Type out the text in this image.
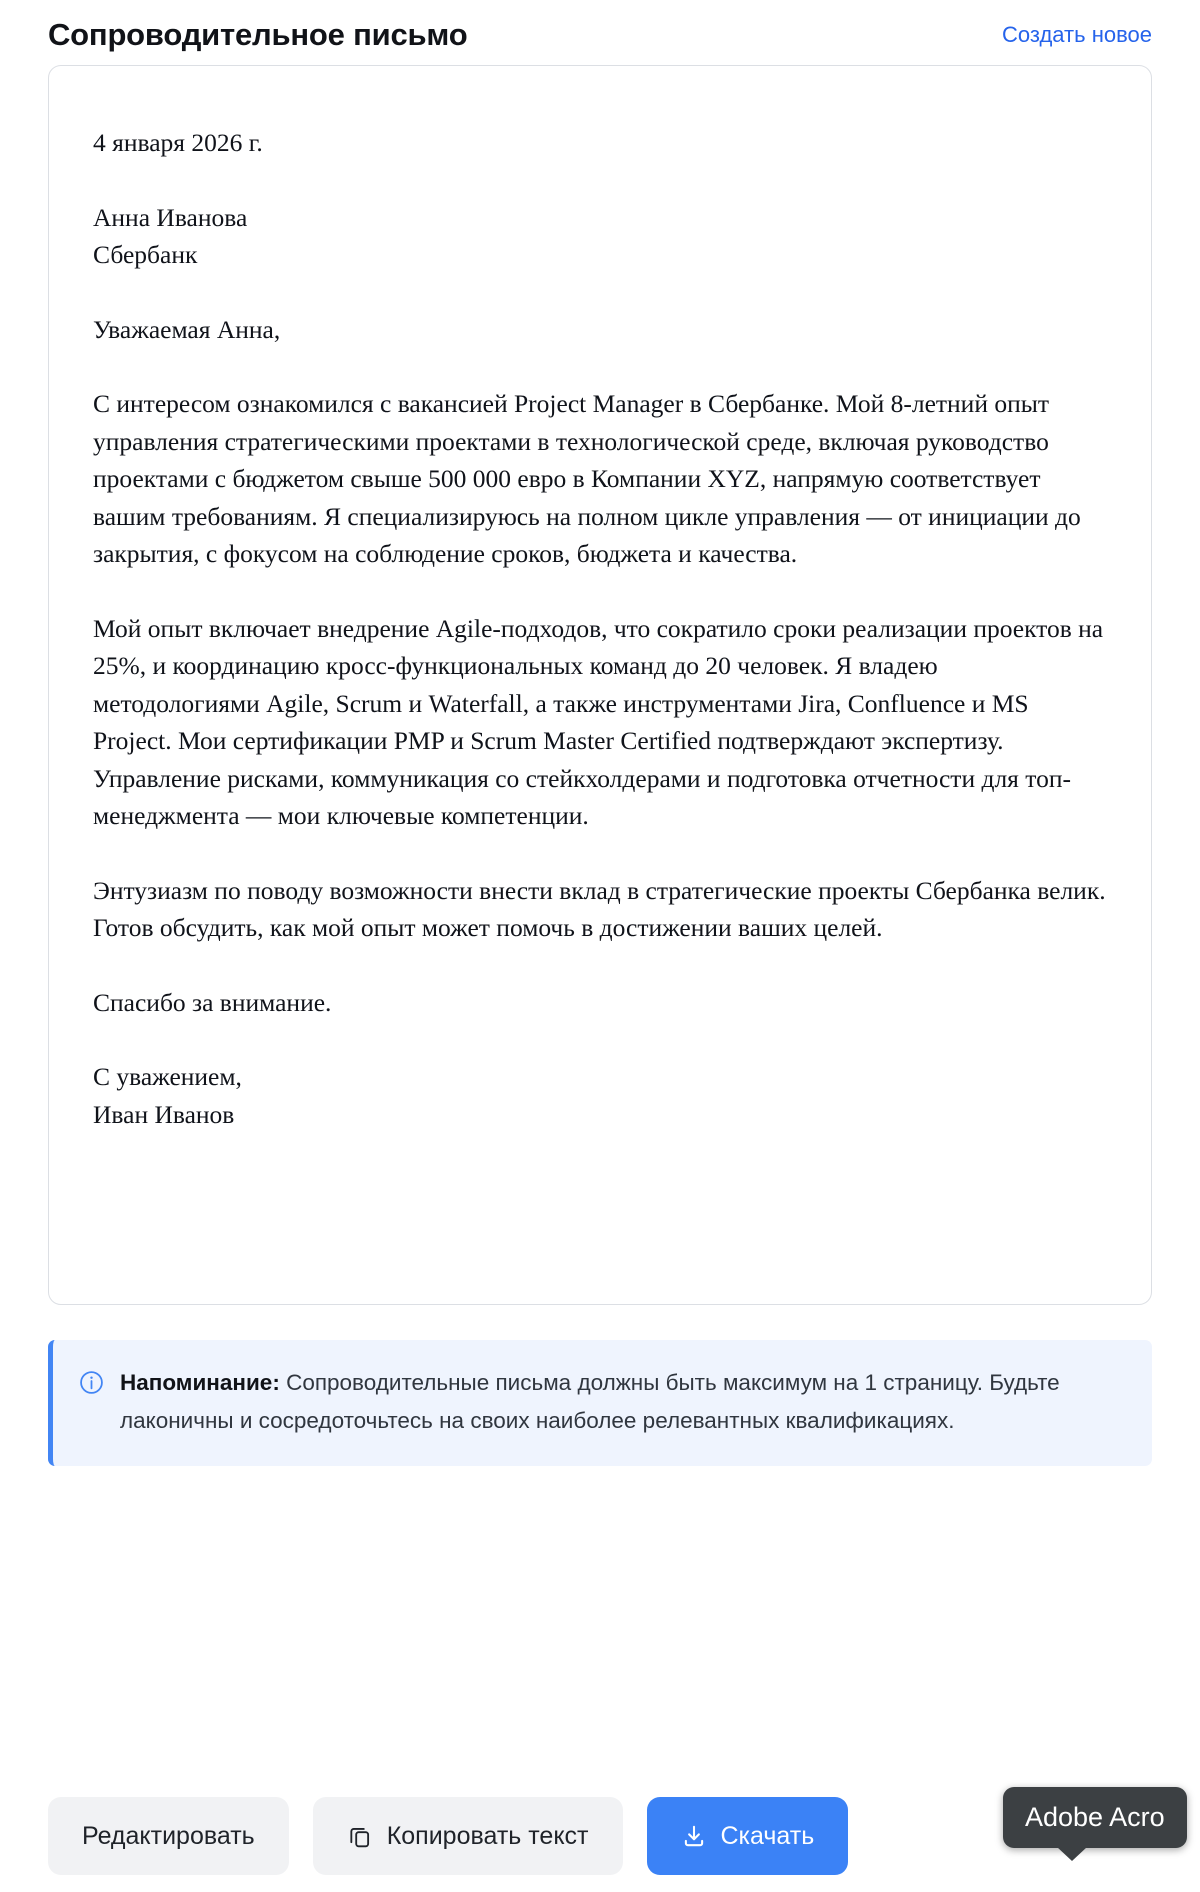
Сопроводительное письмо	Создать новое

4 января 2026 г.

Анна Иванова
Сбербанк

Уважаемая Анна,

С интересом ознакомился с вакансией Project Manager в Сбербанке. Мой 8-летний опыт управления стратегическими проектами в технологической среде, включая руководство проектами с бюджетом свыше 500 000 евро в Компании XYZ, напрямую соответствует вашим требованиям. Я специализируюсь на полном цикле управления — от инициации до закрытия, с фокусом на соблюдение сроков, бюджета и качества.

Мой опыт включает внедрение Agile-подходов, что сократило сроки реализации проектов на 25%, и координацию кросс-функциональных команд до 20 человек. Я владею методологиями Agile, Scrum и Waterfall, а также инструментами Jira, Confluence и MS Project. Мои сертификации PMP и Scrum Master Certified подтверждают экспертизу. Управление рисками, коммуникация со стейкхолдерами и подготовка отчетности для топ-менеджмента — мои ключевые компетенции.

Энтузиазм по поводу возможности внести вклад в стратегические проекты Сбербанка велик. Готов обсудить, как мой опыт может помочь в достижении ваших целей.

Спасибо за внимание.

С уважением,
Иван Иванов
Напоминание: Сопроводительные письма должны быть максимум на 1 страницу. Будьте лаконичны и сосредоточьтесь на своих наиболее релевантных квалификациях.
Редактировать	Копировать текст	Скачать
Adobe Acro
